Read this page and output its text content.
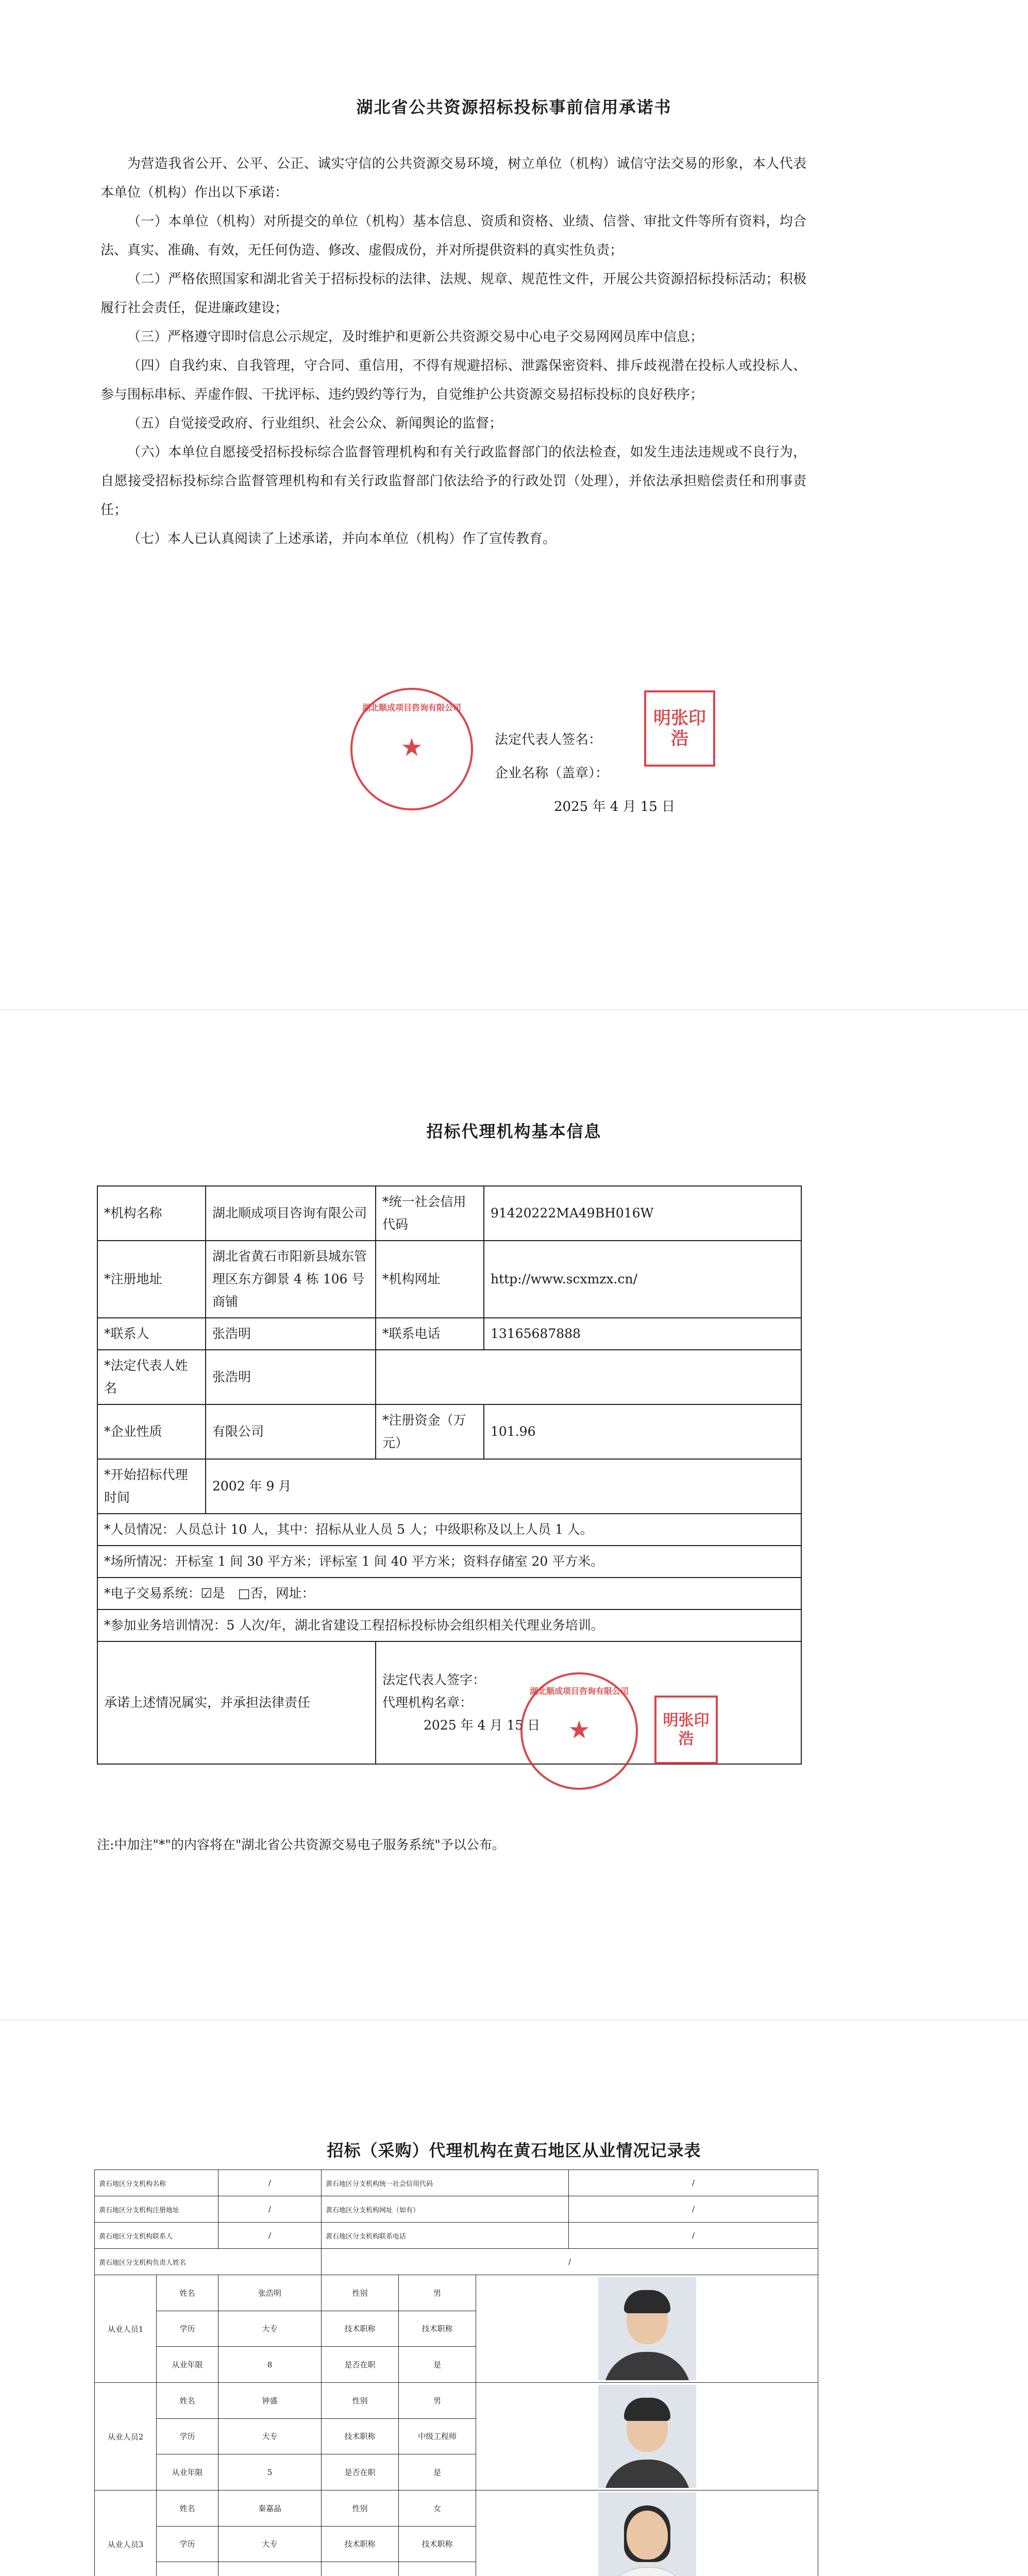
湖北省公共资源招标投标事前信用承诺书

为营造我省公开、公平、公正、诚实守信的公共资源交易环境，树立单位（机构）诚信守法交易的形象，本人代表本单位（机构）作出以下承诺：

（一）本单位（机构）对所提交的单位（机构）基本信息、资质和资格、业绩、信誉、审批文件等所有资料，均合法、真实、准确、有效，无任何伪造、修改、虚假成份，并对所提供资料的真实性负责；

（二）严格依照国家和湖北省关于招标投标的法律、法规、规章、规范性文件，开展公共资源招标投标活动；积极履行社会责任，促进廉政建设；

（三）严格遵守即时信息公示规定，及时维护和更新公共资源交易中心电子交易网网员库中信息；

（四）自我约束、自我管理，守合同、重信用，不得有规避招标、泄露保密资料、排斥歧视潜在投标人或投标人、参与围标串标、弄虚作假、干扰评标、违约毁约等行为，自觉维护公共资源交易招标投标的良好秩序；

（五）自觉接受政府、行业组织、社会公众、新闻舆论的监督；

（六）本单位自愿接受招标投标综合监督管理机构和有关行政监督部门的依法检查，如发生违法违规或不良行为，自愿接受招标投标综合监督管理机构和有关行政监督部门依法给予的行政处罚（处理），并依法承担赔偿责任和刑事责任；

（七）本人已认真阅读了上述承诺，并向本单位（机构）作了宣传教育。

法定代表人签名：
企业名称（盖章）：
2025 年 4 月 15 日
湖北顺成项目咨询有限公司
★
明张印浩
招标代理机构基本信息
*机构名称	湖北顺成项目咨询有限公司	*统一社会信用代码	91420222MA49BH016W
*注册地址	湖北省黄石市阳新县城东管理区东方御景 4 栋 106 号商铺	*机构网址	http://www.scxmzx.cn/
*联系人	张浩明	*联系电话	13165687888
*法定代表人姓名	张浩明		
*企业性质	有限公司	*注册资金（万元）	101.96
*开始招标代理时间	2002 年 9 月		
*人员情况：人员总计 10 人，其中：招标从业人员 5 人；中级职称及以上人员 1 人。			
*场所情况：开标室 1 间 30 平方米；评标室 1 间 40 平方米；资料存储室 20 平方米。			
*电子交易系统：☑是　□否，网址：			
*参加业务培训情况：5 人次/年，湖北省建设工程招标投标协会组织相关代理业务培训。			
承诺上述情况属实，并承担法律责任		法定代表人签字：
代理机构名章：
2025 年 4 月 15 日	
注:中加注"*"的内容将在"湖北省公共资源交易电子服务系统"予以公布。
湖北顺成项目咨询有限公司
★	明张印浩
招标（采购）代理机构在黄石地区从业情况记录表
黄石地区分支机构名称		/	黄石地区分支机构统一社会信用代码			/
黄石地区分支机构注册地址		/	黄石地区分支机构网址（如有）			/
黄石地区分支机构联系人		/	黄石地区分支机构联系电话			/
黄石地区分支机构负责人姓名			/			
从业人员1	姓名	张浩明	性别	男		

	学历	大专	技术职称	技术职称		
	从业年限	8	是否在职	是		
从业人员2	姓名	钟盛	性别	男		

	学历	大专	技术职称	中级工程师		
	从业年限	5	是否在职	是		
从业人员3	姓名	秦嘉晶	性别	女		

	学历	大专	技术职称	技术职称		
